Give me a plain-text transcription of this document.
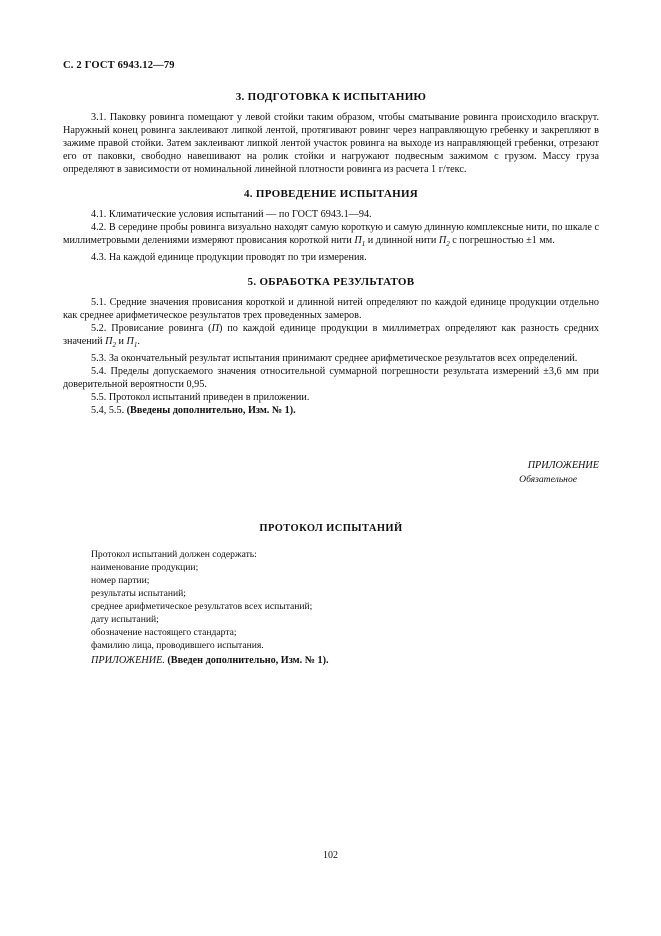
С. 2 ГОСТ 6943.12—79
3. ПОДГОТОВКА К ИСПЫТАНИЮ

3.1. Паковку ровинга помещают у левой стойки таким образом, чтобы сматывание ровинга происходило вraскрут. Наружный конец ровинга заклеивают липкой лентой, протягивают ровинг через направляющую гребенку и закрепляют в зажиме правой стойки. Затем заклеивают липкой лентой участок ровинга на выходе из направляющей гребенки, отрезают его от паковки, свободно навешивают на ролик стойки и нагружают подвесным зажимом с грузом. Массу груза определяют в зависимости от номинальной линейной плотности ровинга из расчета 1 г/текс.

4. ПРОВЕДЕНИЕ ИСПЫТАНИЯ

4.1. Климатические условия испытаний — по ГОСТ 6943.1—94.

4.2. В середине пробы ровинга визуально находят самую короткую и самую длинную комплексные нити, по шкале с миллиметровыми делениями измеряют провисания короткой нити $П_1$ и длинной нити $П_2$ с погрешностью ±1 мм.

4.3. На каждой единице продукции проводят по три измерения.

5. ОБРАБОТКА РЕЗУЛЬТАТОВ

5.1. Средние значения провисания короткой и длинной нитей определяют по каждой единице продукции отдельно как среднее арифметическое результатов трех проведенных замеров.

5.2. Провисание ровинга (П) по каждой единице продукции в миллиметрах определяют как разность средних значений $П_2$ и $П_1$.

5.3. За окончательный результат испытания принимают среднее арифметическое результатов всех определений.

5.4. Пределы допускаемого значения относительной суммарной погрешности результата измерений ±3,6 мм при доверительной вероятности 0,95.

5.5. Протокол испытаний приведен в приложении.

5.4, 5.5. (Введены дополнительно, Изм. № 1).

ПРИЛОЖЕНИЕ
Обязательное
ПРОТОКОЛ ИСПЫТАНИЙ
Протокол испытаний должен содержать:
наименование продукции;
номер партии;
результаты испытаний;
среднее арифметическое результатов всех испытаний;
дату испытаний;
обозначение настоящего стандарта;
фамилию лица, проводившего испытания.
ПРИЛОЖЕНИЕ. (Введен дополнительно, Изм. № 1).
102
